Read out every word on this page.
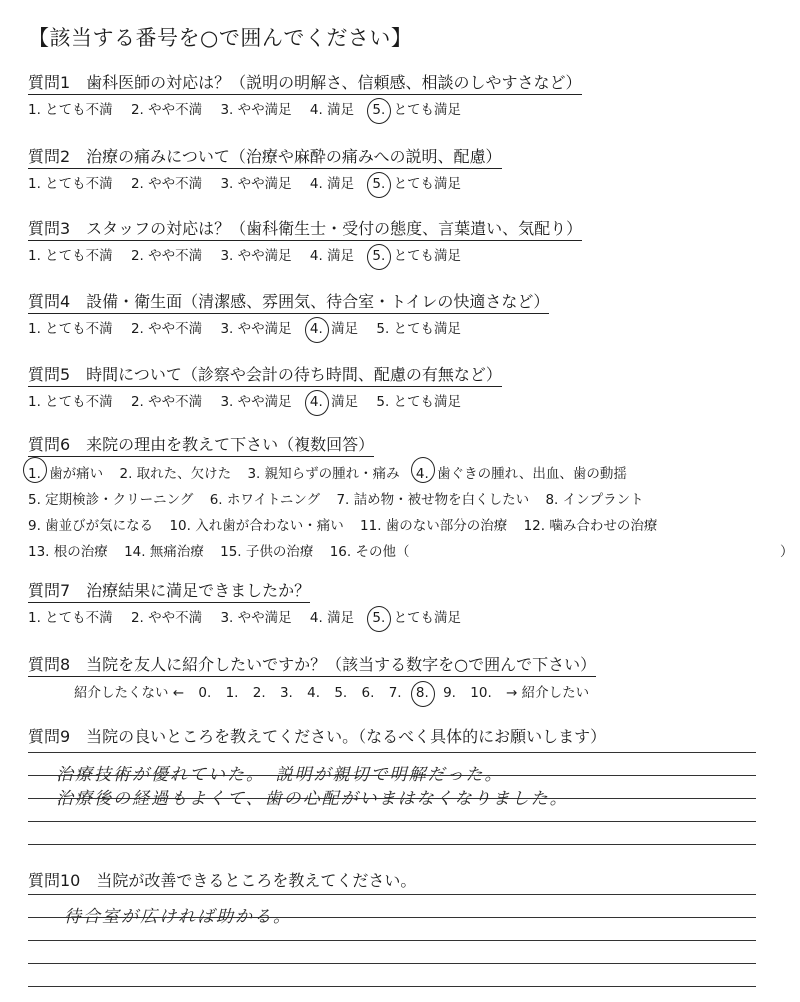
【該当する番号を○で囲んでください】
質問1　歯科医師の対応は？（説明の明解さ、信頼感、相談のしやすさなど）
1. とても不満 2. やや不満 3. やや満足 4. 満足 5. とても満足
質問2　治療の痛みについて（治療や麻酔の痛みへの説明、配慮）
1. とても不満 2. やや不満 3. やや満足 4. 満足 5. とても満足
質問3　スタッフの対応は？（歯科衛生士・受付の態度、言葉遣い、気配り）
1. とても不満 2. やや不満 3. やや満足 4. 満足 5. とても満足
質問4　設備・衛生面（清潔感、雰囲気、待合室・トイレの快適さなど）
1. とても不満 2. やや不満 3. やや満足 4. 満足 5. とても満足
質問5　時間について（診察や会計の待ち時間、配慮の有無など）
1. とても不満 2. やや不満 3. やや満足 4. 満足 5. とても満足
質問6　来院の理由を教えて下さい（複数回答）
1. 歯が痛い 2. 取れた、欠けた 3. 親知らずの腫れ・痛み 4. 歯ぐきの腫れ、出血、歯の動揺
5. 定期検診・クリーニング 6. ホワイトニング 7. 詰め物・被せ物を白くしたい 8. インプラント
9. 歯並びが気になる 10. 入れ歯が合わない・痛い 11. 歯のない部分の治療 12. 噛み合わせの治療
13. 根の治療 14. 無痛治療 15. 子供の治療 16. その他（	）
質問7　治療結果に満足できましたか？
1. とても不満 2. やや不満 3. やや満足 4. 満足 5. とても満足
質問8　当院を友人に紹介したいですか？（該当する数字を○で囲んで下さい）
紹介したくない ← 0. 1. 2. 3. 4. 5. 6. 7. 8. 9. 10. → 紹介したい
質問9　当院の良いところを教えてください。（なるべく具体的にお願いします）
治療技術が優れていた。　説明が親切で明解だった。
治療後の経過もよくて、歯の心配がいまはなくなりました。
質問10　当院が改善できるところを教えてください。
待合室が広ければ助かる。
